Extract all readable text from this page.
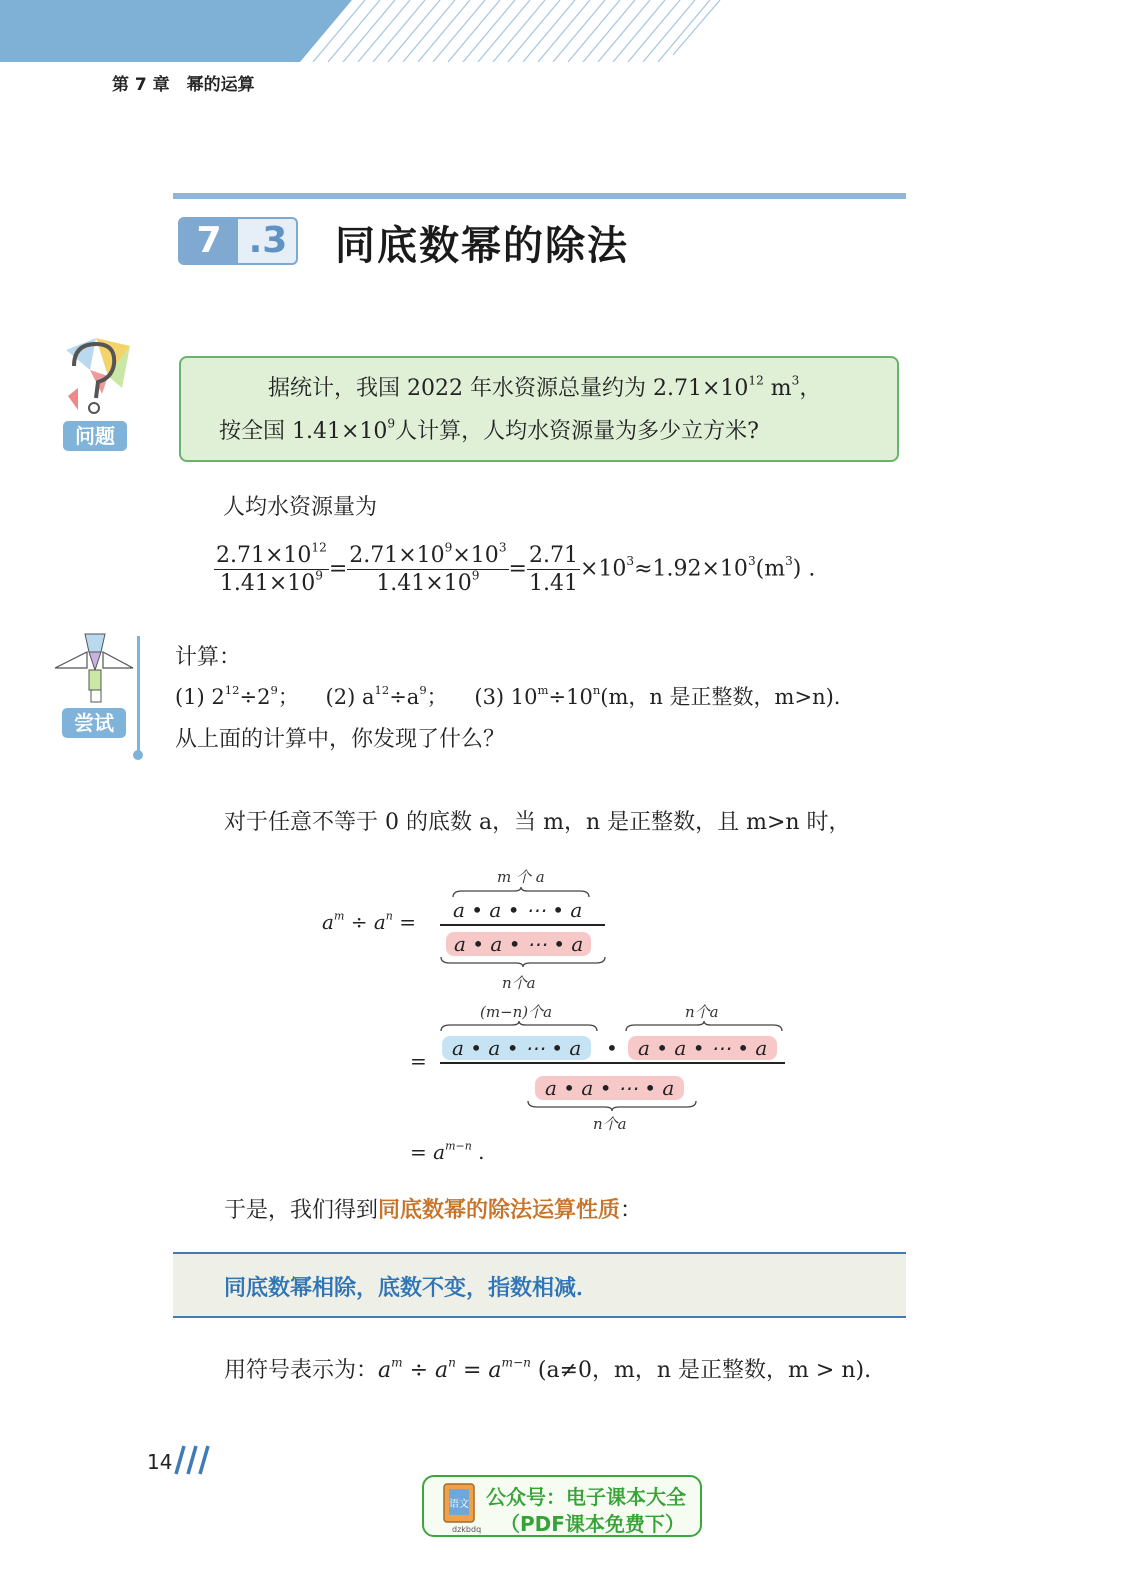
第 7 章　幂的运算
7 .3 同底数幂的除法
问题
据统计，我国 2022 年水资源总量约为 $2.71\times 10^{12}$ $m^3$，
按全国 $1.41\times 10^9$人计算，人均水资源量为多少立方米?
人均水资源量为
$\frac{2.71\times 10^{12}}{1.41\times 10^9} = \frac{2.71\times 10^9\times 10^3}{1.41\times 10^9} = \frac{2.71}{1.41} \times 10^3\approx 1.92\times 10^3(m^3)$ .
尝试
计算：
(1) $2^{12}\div 2^9$； (2) $a^{12}\div a^9$； (3) $10^m\div 10^n(m$，n 是正整数，m>n).
从上面的计算中，你发现了什么？
对于任意不等于 0 的底数 a，当 m，n 是正整数，且 m>n 时，
m 个 a
$a^m \div a^n = a$ • a • ⋯ • a
a • a • ⋯ • a
n个a
(m−n)个a	n个a
=
a • a • ⋯ • a	•	a • a • ⋯ • a
a • a • ⋯ • a
n个a
= $a^{m-n}$ .
于是，我们得到同底数幂的除法运算性质：
同底数幂相除，底数不变，指数相减．
用符号表示为：$a^m \div a^n = a^{m-n}$ (a≠0，m，n 是正整数，m > n).
14
语文 公众号：电子课本大全
（PDF课本免费下）
dzkbdq
